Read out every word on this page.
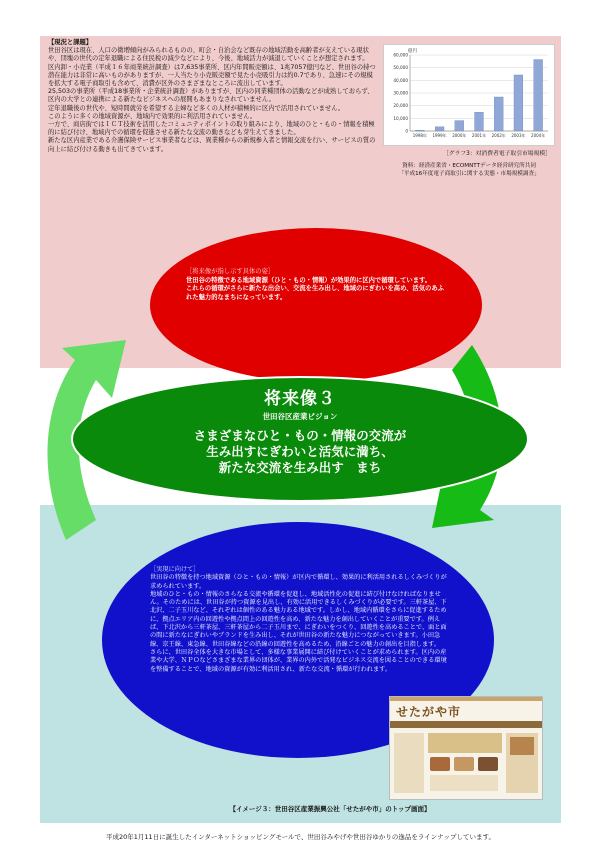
【現況と課題】

世田谷区は現在、人口の微増傾向がみられるものの、町会・自治会など既存の地域活動を高齢者が支えている現状や、団塊の世代の定年退職による住民税の減少などにより、今後、地域活力が減退していくことが想定されます。

区内卸・小売業（平成１６年商業統計調査）は7,635事業所、区内年間販売額は、1兆7057億円など、世田谷の持つ潜在能力は非常に高いものがありますが、一人当たり小売販売額で見た小売吸引力は約0.7であり、急速にその規模を拡大する電子商取引も含めて、消費が区外のさまざまなところに流出しています。

25,503の事業所（平成18事業所・企業統計調査）がありますが、区内の同業種団体の活動などが成熟しておらず、区内の大学との連携による新たなビジネスへの展開もあまりなされていません。

定年退職後の世代や、短時間就労を希望する主婦など多くの人材が積極的に区内で活用されていません。

このように多くの地域資源が、地域内で効果的に利活用されていません。

一方で、商店街ではＩＣＴ技術を活用したコミュニティポイントの取り組みにより、地域のひと・もの・情報を積極的に結び付け、地域内での循環を促進させる新たな交流の動きなども芽生えてきました。

新たな区内産業である介護保険サービス事業者などは、異業種からの新規参入者と情報交流を行い、サービスの質の向上に結び付ける動きも出てきています。

億円
0
10,000
20,000
30,000
40,000
50,000
60,000
1998年 1999年 2000年 2001年 2002年 2003年 2004年
［グラフ3：対消費者電子取引市場規模］
資料：経済産業省・ECOMNTTデータ経営研究所共同
「平成16年度電子商取引に関する実態・市場規模調査」
［将来像が指し示す具体の姿］
世田谷の特徴である地域資源（ひと・もの・情報）が効果的に区内で循環しています。
これらの循環がさらに新たな出会い、交流を生み出し、地域のにぎわいを高め、活気のあふれた魅力的なまちになっています。
将来像３
世田谷区産業ビジョン
さまざまなひと・もの・情報の交流が
生み出すにぎわいと活気に満ち、
新たな交流を生み出す　まち
［実現に向けて］

世田谷の特徴を持つ地域資源（ひと・もの・情報）が区内で循環し、効果的に利活用されるしくみづくりが求められています。

地域のひと・もの・情報のさらなる交流や循環を促進し、地域活性化の促進に結び付けなければなりません。そのためには、世田谷が持つ資源を見出し、有効に活用できるしくみづくりが必要です。三軒茶屋、下北沢、二子玉川など、それぞれは個性のある魅力ある地域です。しかし、地域内循環をさらに促進するために、拠点エリア内の回遊性や拠点間上の回遊性を高め、新たな魅力を創出していくことが重要です。例えば、下北沢から三軒茶屋、三軒茶屋から二子玉川まで、にぎわいをつくり、回遊性を高めることで、面と面の間に新たなにぎわいやブランドを生み出し、それが世田谷の新たな魅力につながっていきます。小田急線、京王線、東急線、世田谷線などの沿線の回遊性を高めるため、沿線ごとの魅力の創出を目指します。

さらに、世田谷全体を大きな市場として、多様な事業展開に結び付けていくことが求められます。区内の産業や大学、ＮＰＯなどさまざまな業界の団体が、業界の内外で活発なビジネス交流を図ることのできる環境を整備することで、地域の資源が有効に利活用され、新たな交流・循環が行われます。

せたがや市
【イメージ３：世田谷区産業振興公社「せたがや市」のトップ画面】
平成20年1月11日に誕生したインターネットショッピングモールで、世田谷みやげや世田谷ゆかりの逸品をラインナップしています。
